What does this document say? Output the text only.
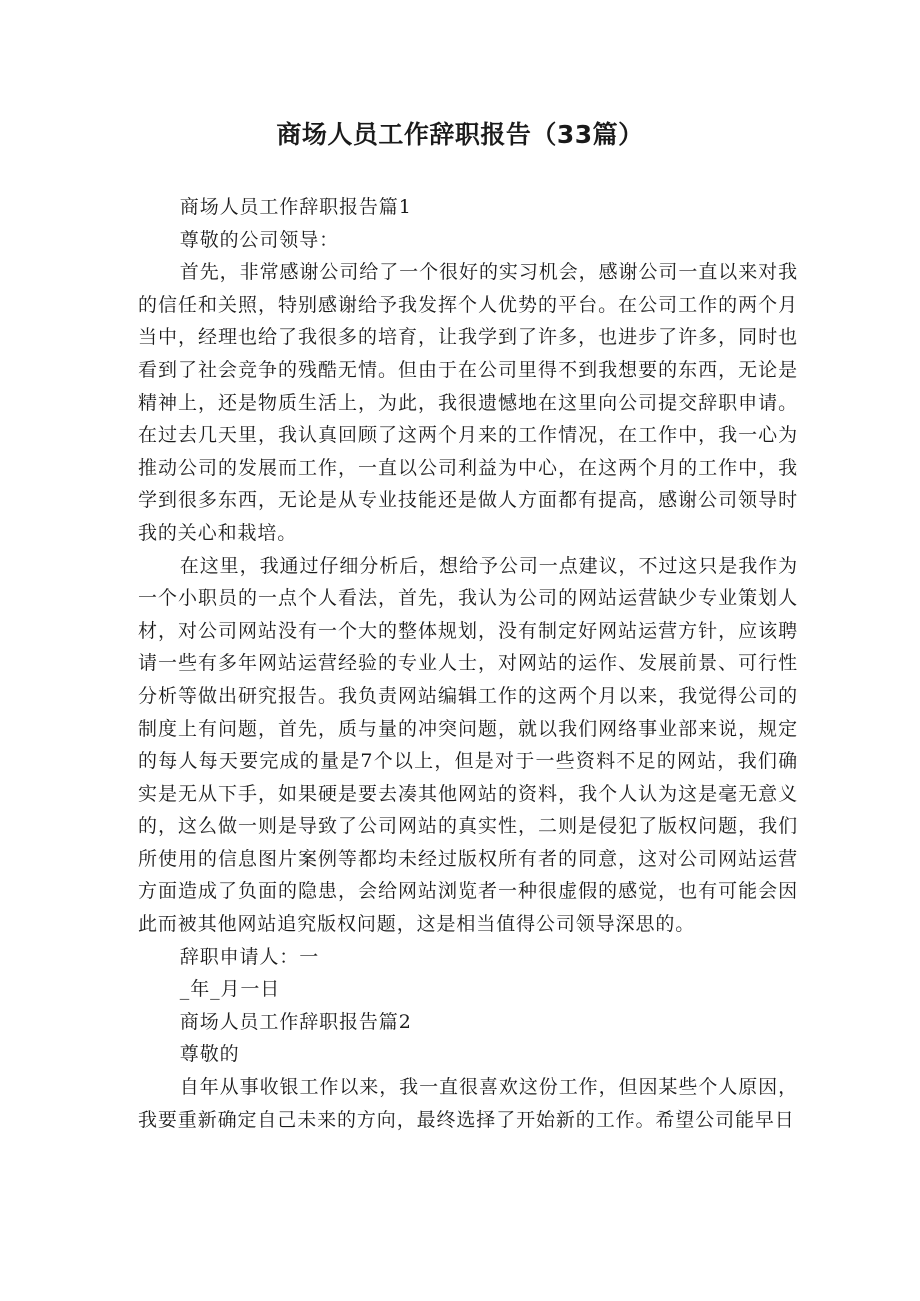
商场人员工作辞职报告（33篇）

商场人员工作辞职报告篇1

尊敬的公司领导：

首先，非常感谢公司给了一个很好的实习机会，感谢公司一直以来对我的信任和关照，特别感谢给予我发挥个人优势的平台。在公司工作的两个月当中，经理也给了我很多的培育，让我学到了许多，也进步了许多，同时也看到了社会竞争的残酷无情。但由于在公司里得不到我想要的东西，无论是精神上，还是物质生活上，为此，我很遗憾地在这里向公司提交辞职申请。在过去几天里，我认真回顾了这两个月来的工作情况，在工作中，我一心为推动公司的发展而工作，一直以公司利益为中心，在这两个月的工作中，我学到很多东西，无论是从专业技能还是做人方面都有提高，感谢公司领导时我的关心和栽培。

在这里，我通过仔细分析后，想给予公司一点建议，不过这只是我作为一个小职员的一点个人看法，首先，我认为公司的网站运营缺少专业策划人材，对公司网站没有一个大的整体规划，没有制定好网站运营方针，应该聘请一些有多年网站运营经验的专业人士，对网站的运作、发展前景、可行性分析等做出研究报告。我负责网站编辑工作的这两个月以来，我觉得公司的制度上有问题，首先，质与量的冲突问题，就以我们网络事业部来说，规定的每人每天要完成的量是7个以上，但是对于一些资料不足的网站，我们确实是无从下手，如果硬是要去凑其他网站的资料，我个人认为这是毫无意义的，这么做一则是导致了公司网站的真实性，二则是侵犯了版权问题，我们所使用的信息图片案例等都均未经过版权所有者的同意，这对公司网站运营方面造成了负面的隐患，会给网站浏览者一种很虚假的感觉，也有可能会因此而被其他网站追究版权问题，这是相当值得公司领导深思的。

辞职申请人：一

_年_月一日

商场人员工作辞职报告篇2

尊敬的

自年从事收银工作以来，我一直很喜欢这份工作，但因某些个人原因，我要重新确定自己未来的方向，最终选择了开始新的工作。希望公司能早日
